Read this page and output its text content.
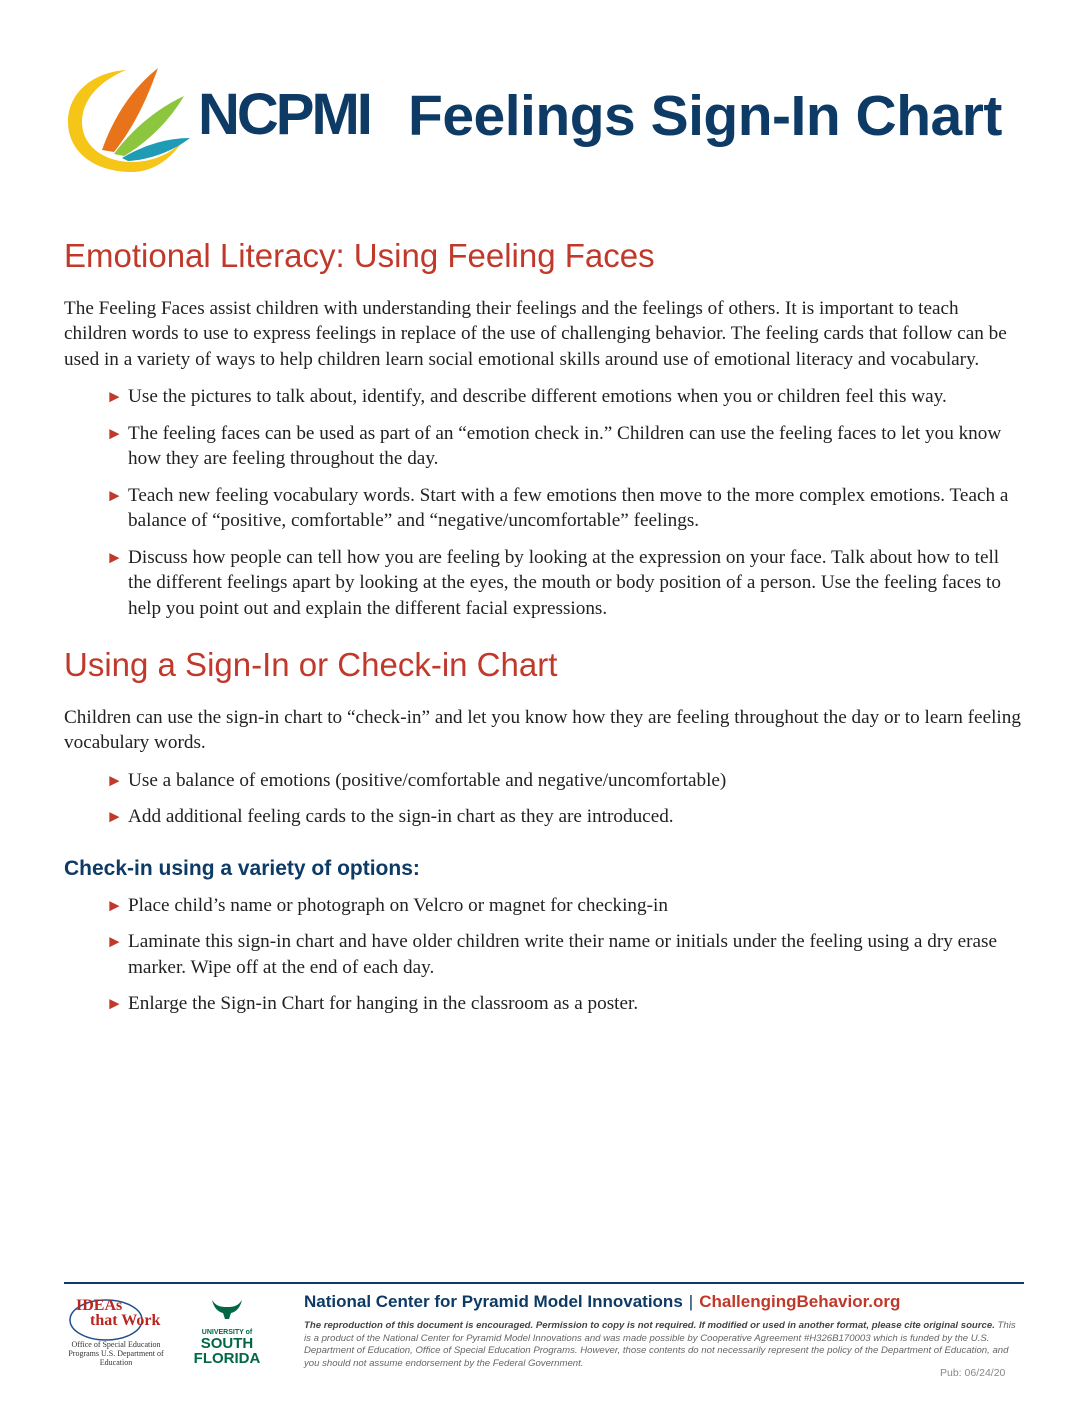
NCPMI Feelings Sign-In Chart
Emotional Literacy: Using Feeling Faces

The Feeling Faces assist children with understanding their feelings and the feelings of others. It is important to teach children words to use to express feelings in replace of the use of challenging behavior. The feeling cards that follow can be used in a variety of ways to help children learn social emotional skills around use of emotional literacy and vocabulary.

► Use the pictures to talk about, identify, and describe different emotions when you or children feel this way.
► The feeling faces can be used as part of an “emotion check in.” Children can use the feeling faces to let you know how they are feeling throughout the day.
► Teach new feeling vocabulary words. Start with a few emotions then move to the more complex emotions. Teach a balance of “positive, comfortable” and “negative/uncomfortable” feelings.
► Discuss how people can tell how you are feeling by looking at the expression on your face. Talk about how to tell the different feelings apart by looking at the eyes, the mouth or body position of a person. Use the feeling faces to help you point out and explain the different facial expressions.
Using a Sign-In or Check-in Chart

Children can use the sign-in chart to “check-in” and let you know how they are feeling throughout the day or to learn feeling vocabulary words.

► Use a balance of emotions (positive/comfortable and negative/uncomfortable)
► Add additional feeling cards to the sign-in chart as they are introduced.
Check-in using a variety of options:
► Place child’s name or photograph on Velcro or magnet for checking-in
► Laminate this sign-in chart and have older children write their name or initials under the feeling using a dry erase marker. Wipe off at the end of each day.
► Enlarge the Sign-in Chart for hanging in the classroom as a poster.
IDEAs
that Work
Office of Special Education Programs U.S. Department of Education
UNIVERSITY of
SOUTH
FLORIDA
National Center for Pyramid Model Innovations | ChallengingBehavior.org
The reproduction of this document is encouraged. Permission to copy is not required. If modified or used in another format, please cite original source. This is a product of the National Center for Pyramid Model Innovations and was made possible by Cooperative Agreement #H326B170003 which is funded by the U.S. Department of Education, Office of Special Education Programs. However, those contents do not necessarily represent the policy of the Department of Education, and you should not assume endorsement by the Federal Government.
Pub: 06/24/20
